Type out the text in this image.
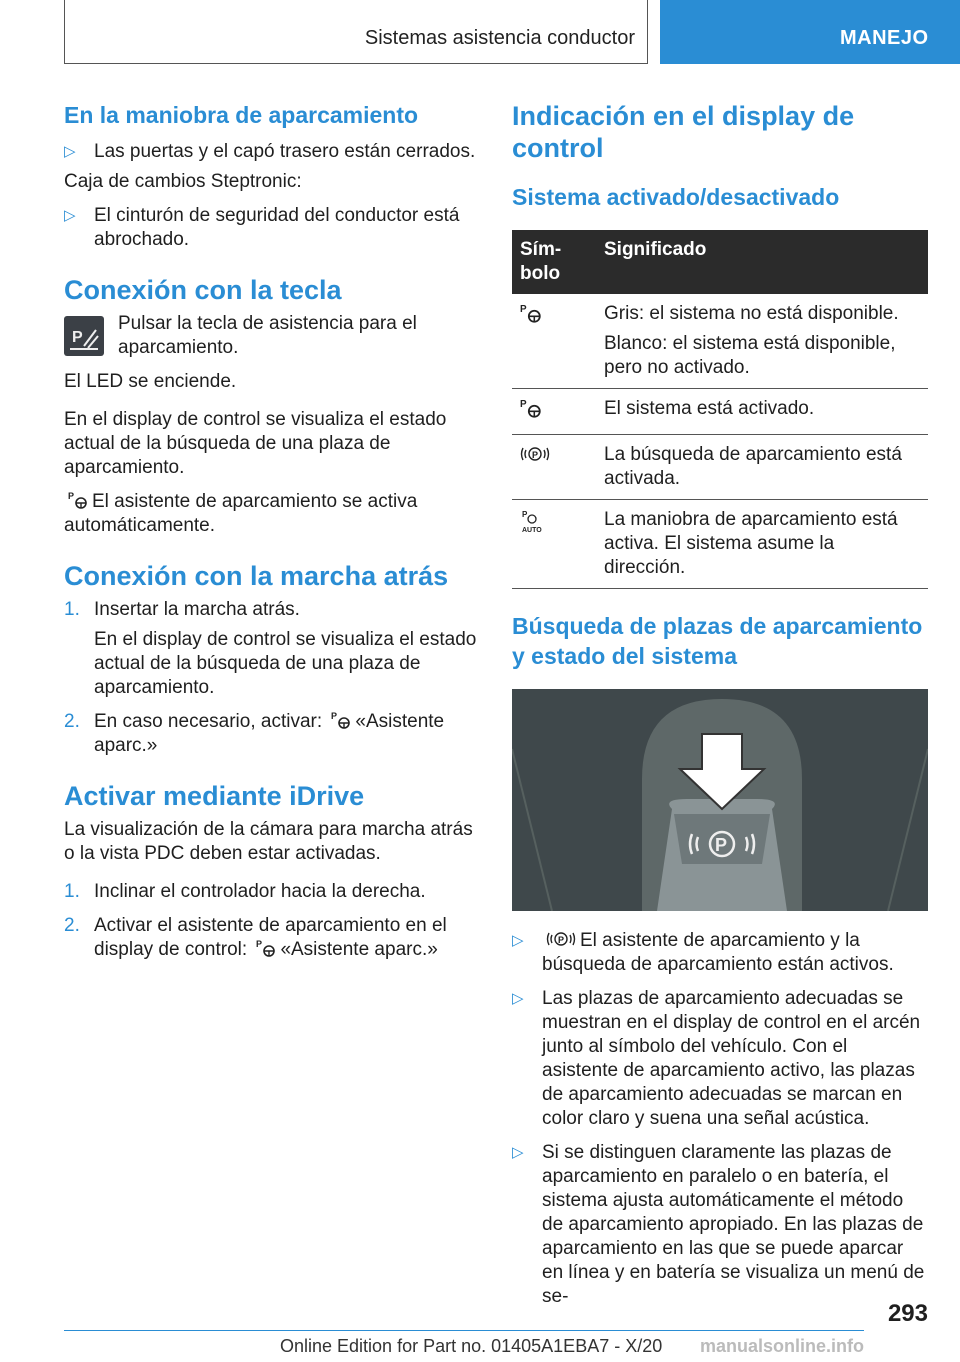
Sistemas asistencia conductor	MANEJO
En la maniobra de aparcamiento
▷ Las puertas y el capó trasero están cerrados.

Caja de cambios Steptronic:

▷ El cinturón de seguridad del conductor está abrochado.
Conexión con la tecla
P

Pulsar la tecla de asistencia para el aparcamiento.

El LED se enciende.

En el display de control se visualiza el estado actual de la búsqueda de una plaza de aparcamiento.

P El asistente de aparcamiento se activa automáticamente.

Conexión con la marcha atrás
1. Insertar la marcha atrás.
En el display de control se visualiza el estado actual de la búsqueda de una plaza de aparcamiento.
2. En caso necesario, activar: P «Asistente aparc.»
Activar mediante iDrive

La visualización de la cámara para marcha atrás o la vista PDC deben estar activadas.

1. Inclinar el controlador hacia la derecha.
2. Activar el asistente de aparcamiento en el display de control: P «Asistente aparc.»
Indicación en el display de control
Sistema activado/desactivado
Símbolo	Significado

P	Gris: el sistema no está disponible.
Blanco: el sistema está disponible, pero no activado.

P	El sistema está activado.

P	La búsqueda de aparcamiento está activada.

P
AUTO	La maniobra de aparcamiento está activa. El sistema asume la dirección.
Búsqueda de plazas de aparcamiento y estado del sistema
P
▷	P El asistente de aparcamiento y la búsqueda de aparcamiento están activos.
▷ Las plazas de aparcamiento adecuadas se muestran en el display de control en el arcén junto al símbolo del vehículo. Con el asistente de aparcamiento activo, las plazas de aparcamiento adecuadas se marcan en color claro y suena una señal acústica.
▷ Si se distinguen claramente las plazas de aparcamiento en paralelo o en batería, el sistema ajusta automáticamente el método de aparcamiento apropiado. En las plazas de aparcamiento en las que se puede aparcar en línea y en batería se visualiza un menú de se-
293
Online Edition for Part no. 01405A1EBA7 - X/20 manualsonline.info
